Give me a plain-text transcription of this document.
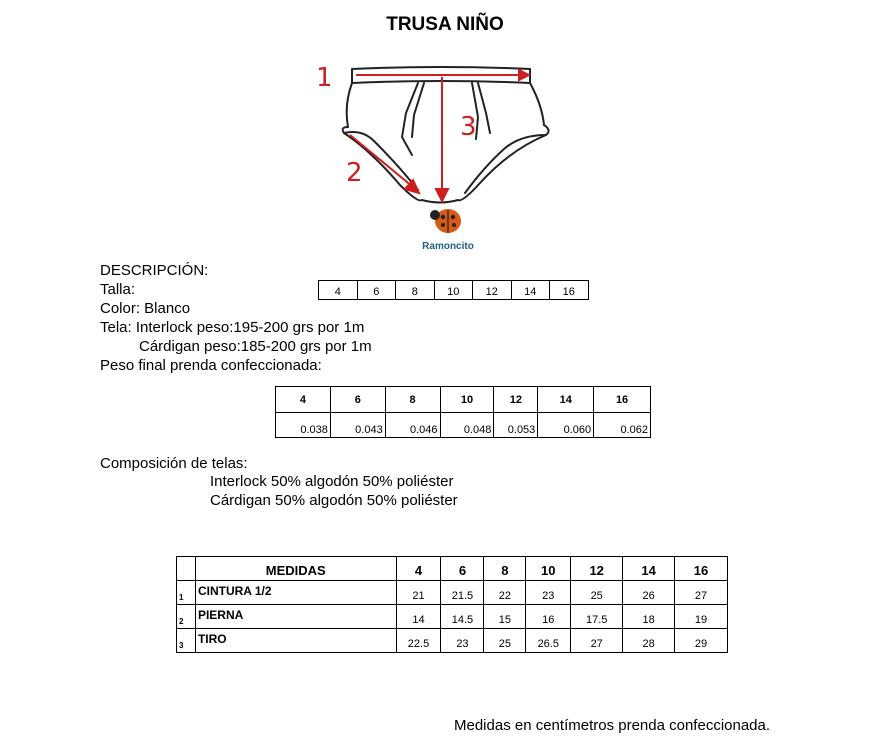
TRUSA NIÑO
1
2
3
Ramoncito
DESCRIPCIÓN:
Talla:
Color: Blanco
Tela: Interlock peso:195-200 grs por 1m
Cárdigan peso:185-200 grs por 1m
Peso final prenda confeccionada:
4	6	8	10	12	14	16
4	6	8	10	12	14	16
0.038	0.043	0.046	0.048	0.053	0.060	0.062
Composición de telas:
Interlock 50% algodón 50% poliéster
Cárdigan 50% algodón 50% poliéster
	MEDIDAS	4	6	8	10	12	14	16
1	CINTURA 1/2	21	21.5	22	23	25	26	27
2	PIERNA	14	14.5	15	16	17.5	18	19
3	TIRO	22.5	23	25	26.5	27	28	29
Medidas en centímetros prenda confeccionada.
